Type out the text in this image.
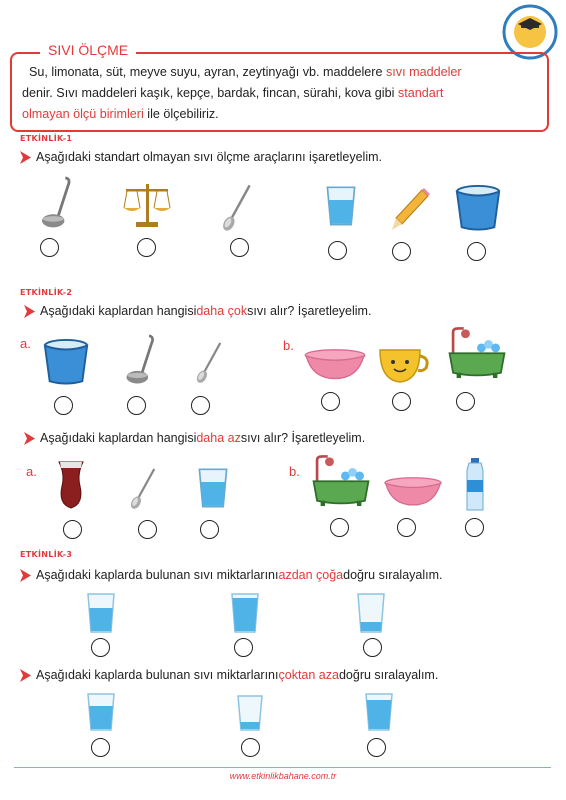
SIVI ÖLÇME
Su, limonata, süt, meyve suyu, ayran, zeytinyağı vb. maddelere sıvı maddeler
denir. Sıvı maddeleri kaşık, kepçe, bardak, fincan, sürahi, kova gibi standart
olmayan ölçü birimleri ile ölçebiliriz.
ETKİNLİK-1
Aşağıdaki standart olmayan sıvı ölçme araçlarını işaretleyelim.
ETKİNLİK-2
Aşağıdaki kaplardan hangisi daha çok sıvı alır? İşaretleyelim.
a.	b.
Aşağıdaki kaplardan hangisi daha az sıvı alır? İşaretleyelim.
a.	b.
ETKİNLİK-3
Aşağıdaki kaplarda bulunan sıvı miktarlarını azdan çoğa doğru sıralayalım.
Aşağıdaki kaplarda bulunan sıvı miktarlarını çoktan aza doğru sıralayalım.
www.etkinlikbahane.com.tr
